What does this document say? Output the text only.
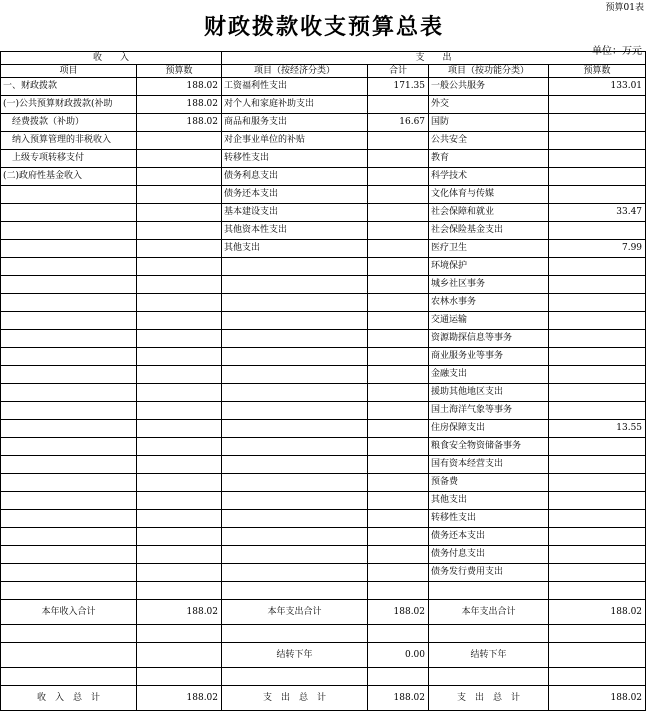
预算01表
财政拨款收支预算总表
单位：万元
收　　入		支　　出			
项目	预算数	项目（按经济分类）	合计	项目（按功能分类）	预算数
一、财政拨款	188.02	工资福利性支出	171.35	一般公共服务	133.01
(一)公共预算财政拨款(补助	188.02	对个人和家庭补助支出		外交	
　经费拨款（补助）	188.02	商品和服务支出	16.67	国防	
　纳入预算管理的非税收入		对企事业单位的补贴		公共安全	
　上级专项转移支付		转移性支出		教育	
(二)政府性基金收入		债务利息支出		科学技术	
		债务还本支出		文化体育与传媒	
		基本建设支出		社会保障和就业	33.47
		其他资本性支出		社会保险基金支出	
		其他支出		医疗卫生	7.99
				环境保护	
				城乡社区事务	
				农林水事务	
				交通运输	
				资源勘探信息等事务	
				商业服务业等事务	
				金融支出	
				援助其他地区支出	
				国土海洋气象等事务	
				住房保障支出	13.55
				粮食安全物资储备事务	
				国有资本经营支出	
				预备费	
				其他支出	
				转移性支出	
				债务还本支出	
				债务付息支出	
				债务发行费用支出	

本年收入合计	188.02	本年支出合计	188.02	本年支出合计	188.02

		结转下年	0.00	结转下年	

收　入　总　计	188.02	支　出　总　计	188.02	支　出　总　计	188.02
